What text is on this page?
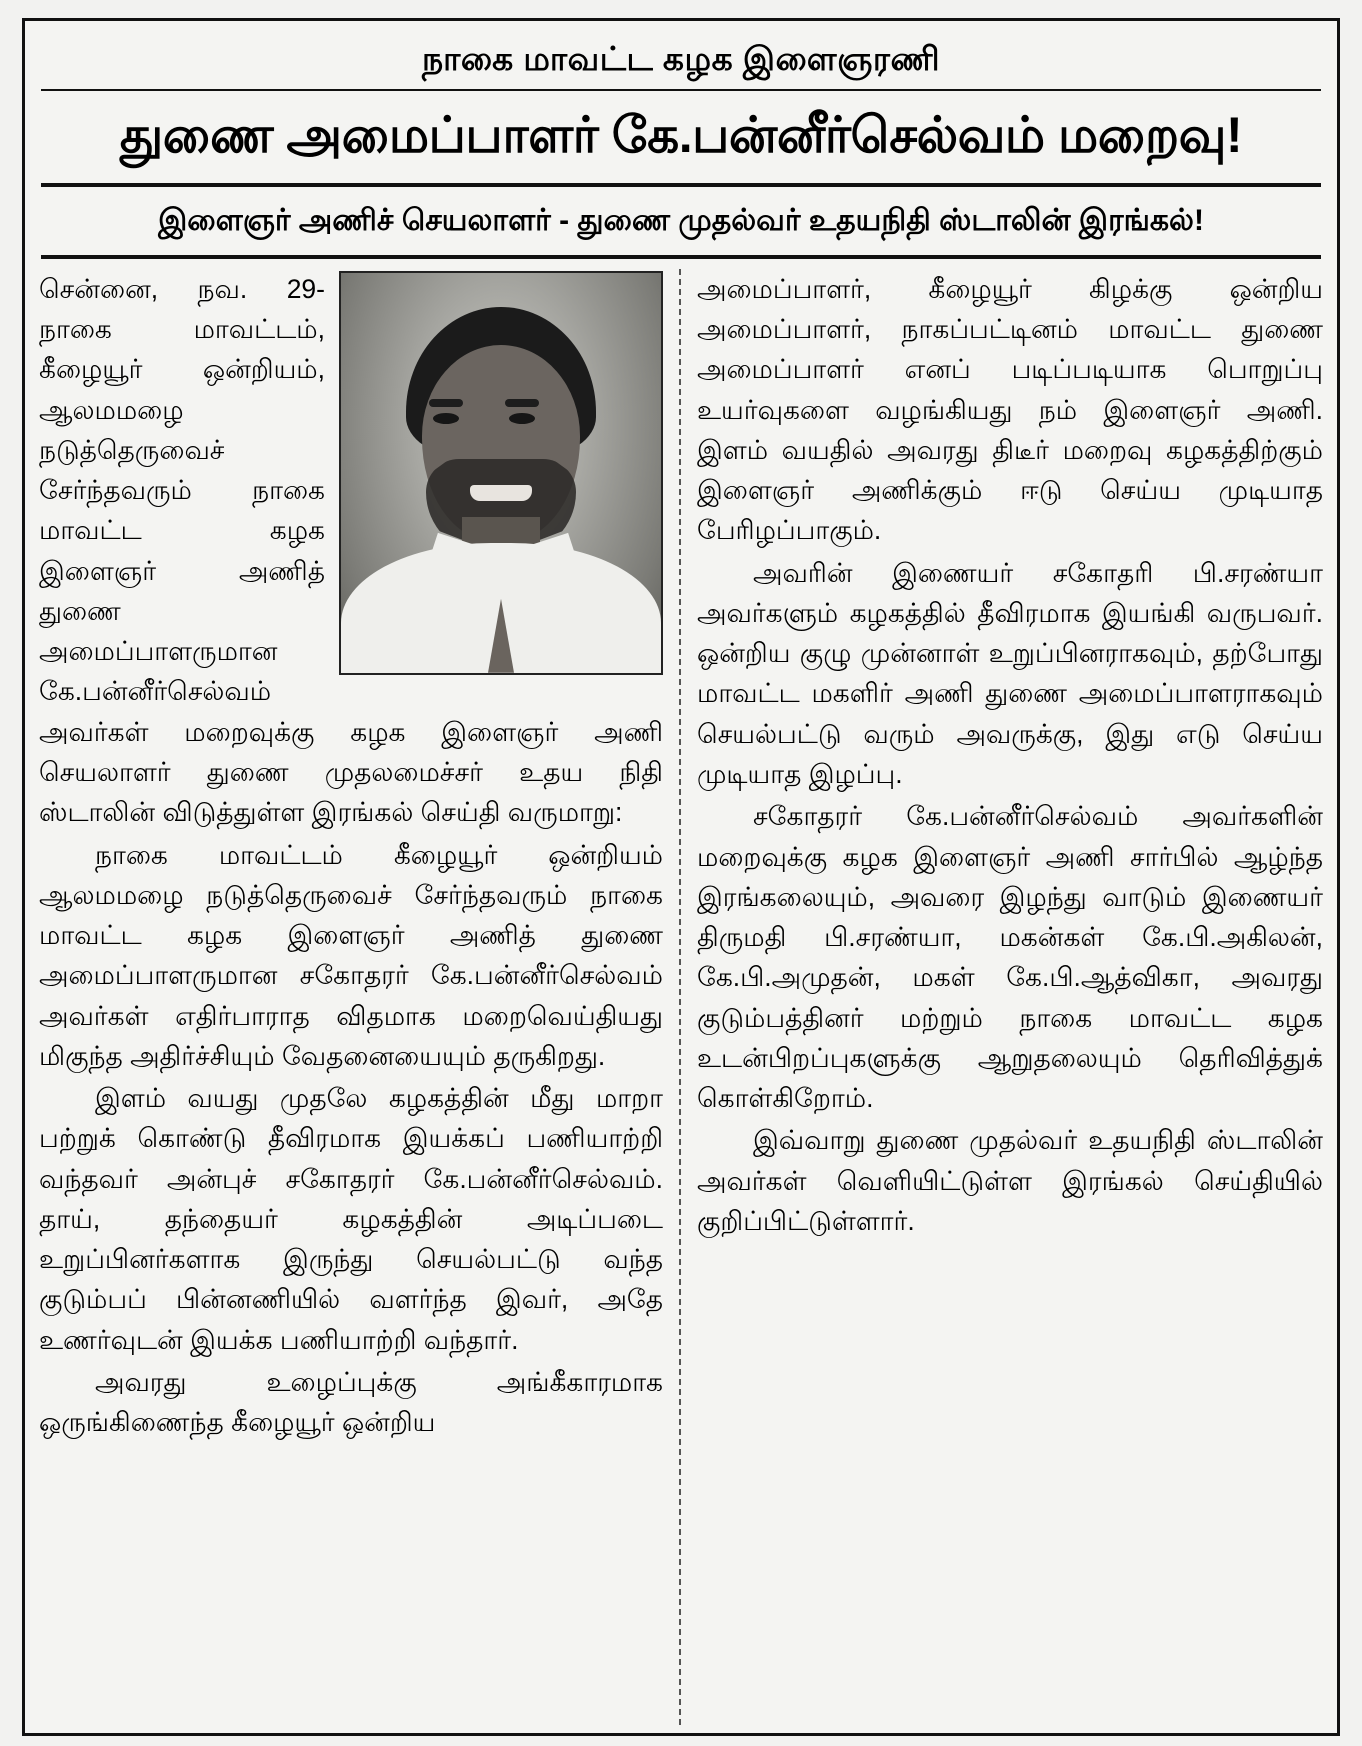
நாகை மாவட்ட கழக இளைஞரணி
துணை அமைப்பாளர் கே.பன்னீர்செல்வம் மறைவு!
இளைஞர் அணிச் செயலாளர் - துணை முதல்வர் உதயநிதி ஸ்டாலின் இரங்கல்!

சென்னை, நவ. 29- நாகை மாவட்டம், கீழையூர் ஒன்றியம், ஆலமமழை நடுத்தெருவைச் சேர்ந்தவரும் நாகை மாவட்ட கழக இளைஞர் அணித் துணை அமைப்பாளருமான கே.பன்னீர்செல்வம் அவர்கள் மறைவுக்கு கழக இளைஞர் அணி செயலாளர் துணை முதலமைச்சர் உதய நிதி ஸ்டாலின் விடுத்துள்ள இரங்கல் செய்தி வருமாறு:

நாகை மாவட்டம் கீழையூர் ஒன்றியம் ஆலமமழை நடுத்தெருவைச் சேர்ந்தவரும் நாகை மாவட்ட கழக இளைஞர் அணித் துணை அமைப்பாளருமான சகோதரர் கே.பன்னீர்செல்வம் அவர்கள் எதிர்பாராத விதமாக மறைவெய்தியது மிகுந்த அதிர்ச்சியும் வேதனையையும் தருகிறது.

இளம் வயது முதலே கழகத்தின் மீது மாறா பற்றுக் கொண்டு தீவிரமாக இயக்கப் பணியாற்றி வந்தவர் அன்புச் சகோதரர் கே.பன்னீர்செல்வம். தாய், தந்தையர் கழகத்தின் அடிப்படை உறுப்பினர்களாக இருந்து செயல்பட்டு வந்த குடும்பப் பின்னணியில் வளர்ந்த இவர், அதே உணர்வுடன் இயக்க பணியாற்றி வந்தார்.

அவரது உழைப்புக்கு அங்கீகாரமாக ஒருங்கிணைந்த கீழையூர் ஒன்றிய

அமைப்பாளர், கீழையூர் கிழக்கு ஒன்றிய அமைப்பாளர், நாகப்பட்டினம் மாவட்ட துணை அமைப்பாளர் எனப் படிப்படியாக பொறுப்பு உயர்வுகளை வழங்கியது நம் இளைஞர் அணி. இளம் வயதில் அவரது திடீர் மறைவு கழகத்திற்கும் இளைஞர் அணிக்கும் ஈடு செய்ய முடியாத பேரிழப்பாகும்.

அவரின் இணையர் சகோதரி பி.சரண்யா அவர்களும் கழகத்தில் தீவிரமாக இயங்கி வருபவர். ஒன்றிய குழு முன்னாள் உறுப்பினராகவும், தற்போது மாவட்ட மகளிர் அணி துணை அமைப்பாளராகவும் செயல்பட்டு வரும் அவருக்கு, இது எடு செய்ய முடியாத இழப்பு.

சகோதரர் கே.பன்னீர்செல்வம் அவர்களின் மறைவுக்கு கழக இளைஞர் அணி சார்பில் ஆழ்ந்த இரங்கலையும், அவரை இழந்து வாடும் இணையர் திருமதி பி.சரண்யா, மகன்கள் கே.பி.அகிலன், கே.பி.அமுதன், மகள் கே.பி.ஆத்விகா, அவரது குடும்பத்தினர் மற்றும் நாகை மாவட்ட கழக உடன்பிறப்புகளுக்கு ஆறுதலையும் தெரிவித்துக் கொள்கிறோம்.

இவ்வாறு துணை முதல்வர் உதயநிதி ஸ்டாலின் அவர்கள் வெளியிட்டுள்ள இரங்கல் செய்தியில் குறிப்பிட்டுள்ளார்.
